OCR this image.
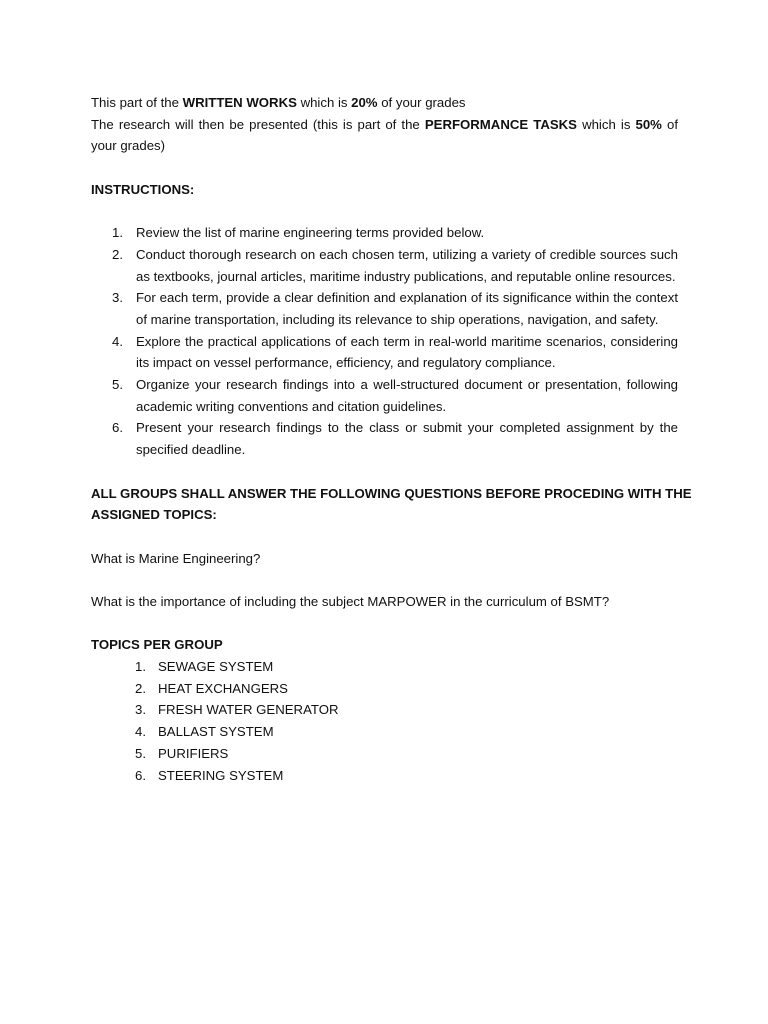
This part of the WRITTEN WORKS which is 20% of your grades
The research will then be presented (this is part of the PERFORMANCE TASKS which is 50% of your grades)
INSTRUCTIONS:
1. Review the list of marine engineering terms provided below.
2. Conduct thorough research on each chosen term, utilizing a variety of credible sources such as textbooks, journal articles, maritime industry publications, and reputable online resources.
3. For each term, provide a clear definition and explanation of its significance within the context of marine transportation, including its relevance to ship operations, navigation, and safety.
4. Explore the practical applications of each term in real-world maritime scenarios, considering its impact on vessel performance, efficiency, and regulatory compliance.
5. Organize your research findings into a well-structured document or presentation, following academic writing conventions and citation guidelines.
6. Present your research findings to the class or submit your completed assignment by the specified deadline.
ALL GROUPS SHALL ANSWER THE FOLLOWING QUESTIONS BEFORE PROCEDING WITH THE
ASSIGNED TOPICS:
What is Marine Engineering?
What is the importance of including the subject MARPOWER in the curriculum of BSMT?
TOPICS PER GROUP
1. SEWAGE SYSTEM
2. HEAT EXCHANGERS
3. FRESH WATER GENERATOR
4. BALLAST SYSTEM
5. PURIFIERS
6. STEERING SYSTEM
